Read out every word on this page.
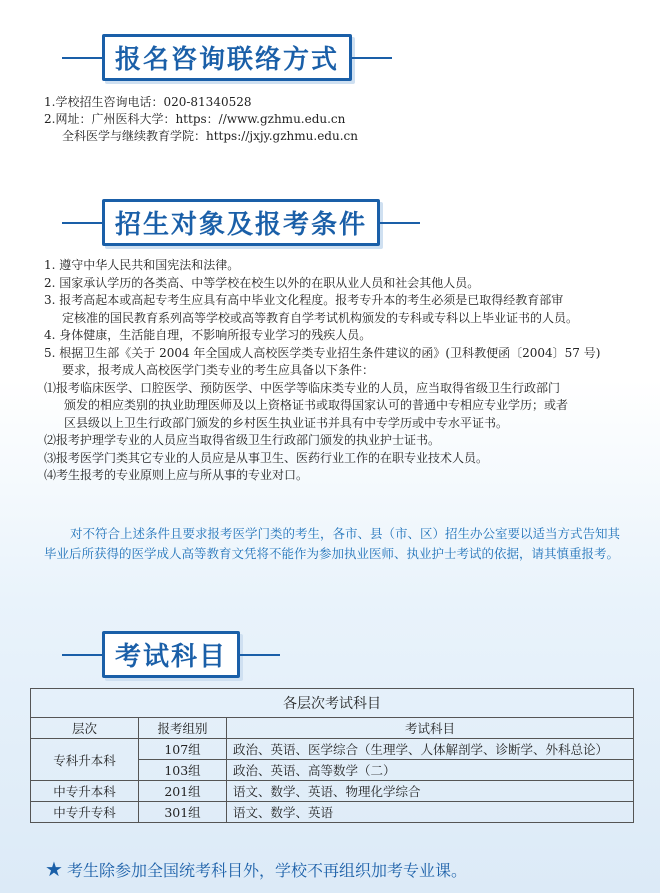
报名咨询联络方式

1.学校招生咨询电话：020-81340528

2.网址：广州医科大学：https：//www.gzhmu.edu.cn

全科医学与继续教育学院：https://jxjy.gzhmu.edu.cn

招生对象及报考条件

1. 遵守中华人民共和国宪法和法律。

2. 国家承认学历的各类高、中等学校在校生以外的在职从业人员和社会其他人员。

3. 报考高起本或高起专考生应具有高中毕业文化程度。报考专升本的考生必须是已取得经教育部审

定核准的国民教育系列高等学校或高等教育自学考试机构颁发的专科或专科以上毕业证书的人员。

4. 身体健康，生活能自理，不影响所报专业学习的残疾人员。

5. 根据卫生部《关于 2004 年全国成人高校医学类专业招生条件建议的函》(卫科教便函〔2004〕57 号)

要求，报考成人高校医学门类专业的考生应具备以下条件：

⑴报考临床医学、口腔医学、预防医学、中医学等临床类专业的人员，应当取得省级卫生行政部门

颁发的相应类别的执业助理医师及以上资格证书或取得国家认可的普通中专相应专业学历；或者

区县级以上卫生行政部门颁发的乡村医生执业证书并具有中专学历或中专水平证书。

⑵报考护理学专业的人员应当取得省级卫生行政部门颁发的执业护士证书。

⑶报考医学门类其它专业的人员应是从事卫生、医药行业工作的在职专业技术人员。

⑷考生报考的专业原则上应与所从事的专业对口。

对不符合上述条件且要求报考医学门类的考生，各市、县（市、区）招生办公室要以适当方式告知其毕业后所获得的医学成人高等教育文凭将不能作为参加执业医师、执业护士考试的依据，请其慎重报考。
考试科目
各层次考试科目		
层次	报考组别	考试科目
专科升本科	107组	政治、英语、医学综合（生理学、人体解剖学、诊断学、外科总论）
	103组	政治、英语、高等数学（二）
中专升本科	201组	语文、数学、英语、物理化学综合
中专升专科	301组	语文、数学、英语
★ 考生除参加全国统考科目外，学校不再组织加考专业课。
